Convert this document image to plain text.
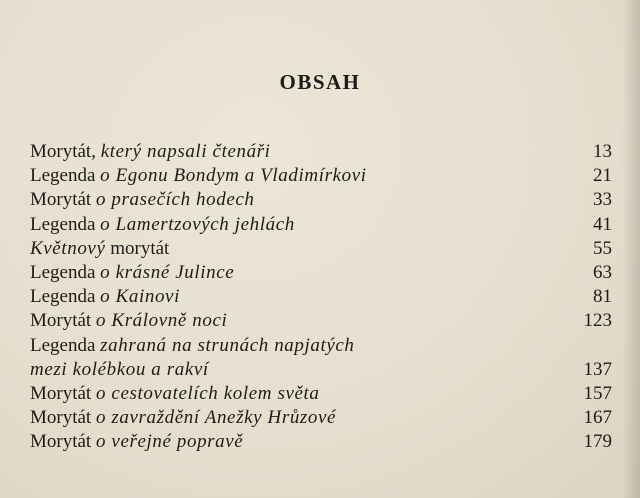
OBSAH
Morytát, který napsali čtenáři	13
Legenda o Egonu Bondym a Vladimírkovi	21
Morytát o prasečích hodech	33
Legenda o Lamertzových jehlách	41
Květnový morytát	55
Legenda o krásné Julince	63
Legenda o Kainovi	81
Morytát o Královně noci	123
Legenda zahraná na strunách napjatých
mezi kolébkou a rakví	137
Morytát o cestovatelích kolem světa	157
Morytát o zavraždění Anežky Hrůzové	167
Morytát o veřejné popravě	179
